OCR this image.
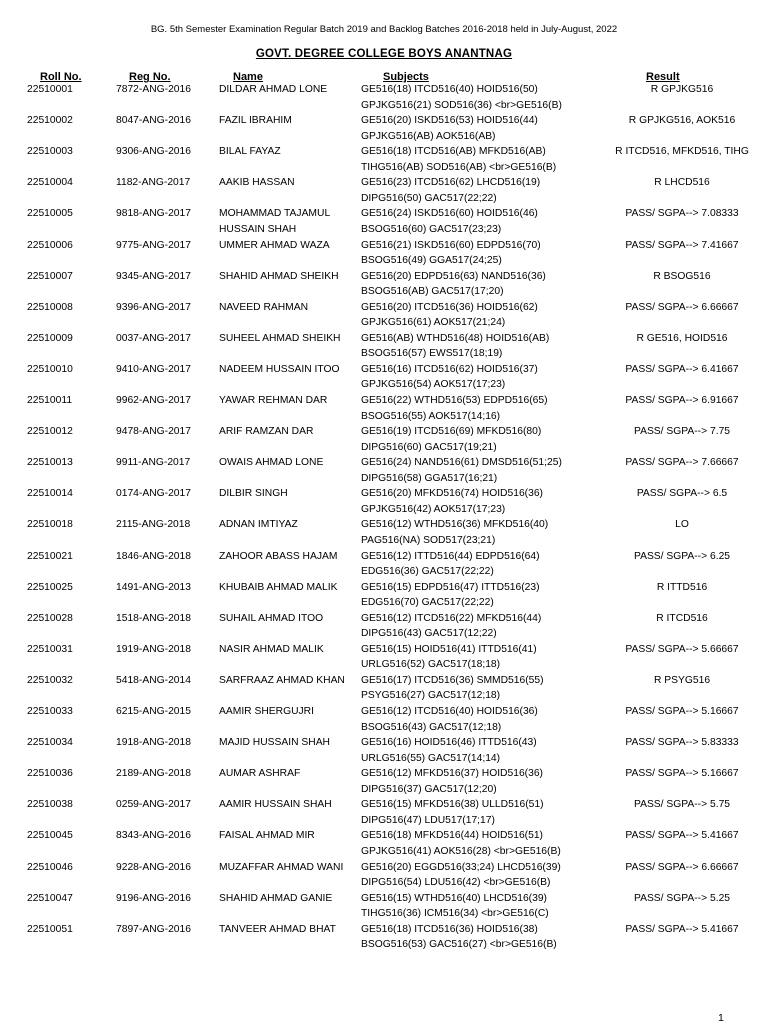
BG. 5th Semester Examination Regular Batch 2019 and Backlog Batches 2016-2018 held in July-August, 2022
GOVT. DEGREE COLLEGE BOYS ANANTNAG
Roll No.	Reg No.	Name	Subjects	Result
22510001	7872-ANG-2016	DILDAR AHMAD LONE	GE516(18) ITCD516(40) HOID516(50)
GPJKG516(21) SOD516(36) <br>GE516(B)
R GPJKG516
22510002	8047-ANG-2016	FAZIL IBRAHIM	GE516(20) ISKD516(53) HOID516(44)
GPJKG516(AB) AOK516(AB)
R GPJKG516, AOK516
22510003	9306-ANG-2016	BILAL FAYAZ	GE516(18) ITCD516(AB) MFKD516(AB)
TIHG516(AB) SOD516(AB) <br>GE516(B)
R ITCD516, MFKD516, TIHG
22510004	1182-ANG-2017	AAKIB HASSAN	GE516(23) ITCD516(62) LHCD516(19)
DIPG516(50) GAC517(22;22)
R LHCD516
22510005	9818-ANG-2017	MOHAMMAD TAJAMUL HUSSAIN SHAH
GE516(24) ISKD516(60) HOID516(46)
BSOG516(60) GAC517(23;23)
PASS/ SGPA--> 7.08333
22510006	9775-ANG-2017	UMMER AHMAD WAZA	GE516(21) ISKD516(60) EDPD516(70)
BSOG516(49) GGA517(24;25)
PASS/ SGPA--> 7.41667
22510007	9345-ANG-2017	SHAHID AHMAD SHEIKH	GE516(20) EDPD516(63) NAND516(36)
BSOG516(AB) GAC517(17;20)
R BSOG516
22510008	9396-ANG-2017	NAVEED RAHMAN	GE516(20) ITCD516(36) HOID516(62)
GPJKG516(61) AOK517(21;24)
PASS/ SGPA--> 6.66667
22510009	0037-ANG-2017	SUHEEL AHMAD SHEIKH	GE516(AB) WTHD516(48) HOID516(AB)
BSOG516(57) EWS517(18;19)
R GE516, HOID516
22510010	9410-ANG-2017	NADEEM HUSSAIN ITOO	GE516(16) ITCD516(62) HOID516(37)
GPJKG516(54) AOK517(17;23)
PASS/ SGPA--> 6.41667
22510011	9962-ANG-2017	YAWAR REHMAN DAR	GE516(22) WTHD516(53) EDPD516(65)
BSOG516(55) AOK517(14;16)
PASS/ SGPA--> 6.91667
22510012	9478-ANG-2017	ARIF RAMZAN DAR	GE516(19) ITCD516(69) MFKD516(80)
DIPG516(60) GAC517(19;21)
PASS/ SGPA--> 7.75
22510013	9911-ANG-2017	OWAIS AHMAD LONE	GE516(24) NAND516(61) DMSD516(51;25)
DIPG516(58) GGA517(16;21)
PASS/ SGPA--> 7.66667
22510014	0174-ANG-2017	DILBIR SINGH	GE516(20) MFKD516(74) HOID516(36)
GPJKG516(42) AOK517(17;23)
PASS/ SGPA--> 6.5
22510018	2115-ANG-2018	ADNAN IMTIYAZ	GE516(12) WTHD516(36) MFKD516(40)
PAG516(NA) SOD517(23;21)
LO
22510021	1846-ANG-2018	ZAHOOR ABASS HAJAM	GE516(12) ITTD516(44) EDPD516(64)
EDG516(36) GAC517(22;22)
PASS/ SGPA--> 6.25
22510025	1491-ANG-2013	KHUBAIB AHMAD MALIK	GE516(15) EDPD516(47) ITTD516(23)
EDG516(70) GAC517(22;22)
R ITTD516
22510028	1518-ANG-2018	SUHAIL AHMAD ITOO	GE516(12) ITCD516(22) MFKD516(44)
DIPG516(43) GAC517(12;22)
R ITCD516
22510031	1919-ANG-2018	NASIR AHMAD MALIK	GE516(15) HOID516(41) ITTD516(41)
URLG516(52) GAC517(18;18)
PASS/ SGPA--> 5.66667
22510032	5418-ANG-2014	SARFRAAZ AHMAD KHAN	GE516(17) ITCD516(36) SMMD516(55)
PSYG516(27) GAC517(12;18)
R PSYG516
22510033	6215-ANG-2015	AAMIR SHERGUJRI	GE516(12) ITCD516(40) HOID516(36)
BSOG516(43) GAC517(12;18)
PASS/ SGPA--> 5.16667
22510034	1918-ANG-2018	MAJID HUSSAIN SHAH	GE516(16) HOID516(46) ITTD516(43)
URLG516(55) GAC517(14;14)
PASS/ SGPA--> 5.83333
22510036	2189-ANG-2018	AUMAR ASHRAF	GE516(12) MFKD516(37) HOID516(36)
DIPG516(37) GAC517(12;20)
PASS/ SGPA--> 5.16667
22510038	0259-ANG-2017	AAMIR HUSSAIN SHAH	GE516(15) MFKD516(38) ULLD516(51)
DIPG516(47) LDU517(17;17)
PASS/ SGPA--> 5.75
22510045	8343-ANG-2016	FAISAL AHMAD MIR	GE516(18) MFKD516(44) HOID516(51)
GPJKG516(41) AOK516(28) <br>GE516(B)
PASS/ SGPA--> 5.41667
22510046	9228-ANG-2016	MUZAFFAR AHMAD WANI	GE516(20) EGGD516(33;24) LHCD516(39)
DIPG516(54) LDU516(42) <br>GE516(B)
PASS/ SGPA--> 6.66667
22510047	9196-ANG-2016	SHAHID AHMAD GANIE	GE516(15) WTHD516(40) LHCD516(39)
TIHG516(36) ICM516(34) <br>GE516(C)
PASS/ SGPA--> 5.25
22510051	7897-ANG-2016	TANVEER AHMAD BHAT	GE516(18) ITCD516(36) HOID516(38)
BSOG516(53) GAC516(27) <br>GE516(B)
PASS/ SGPA--> 5.41667
1
